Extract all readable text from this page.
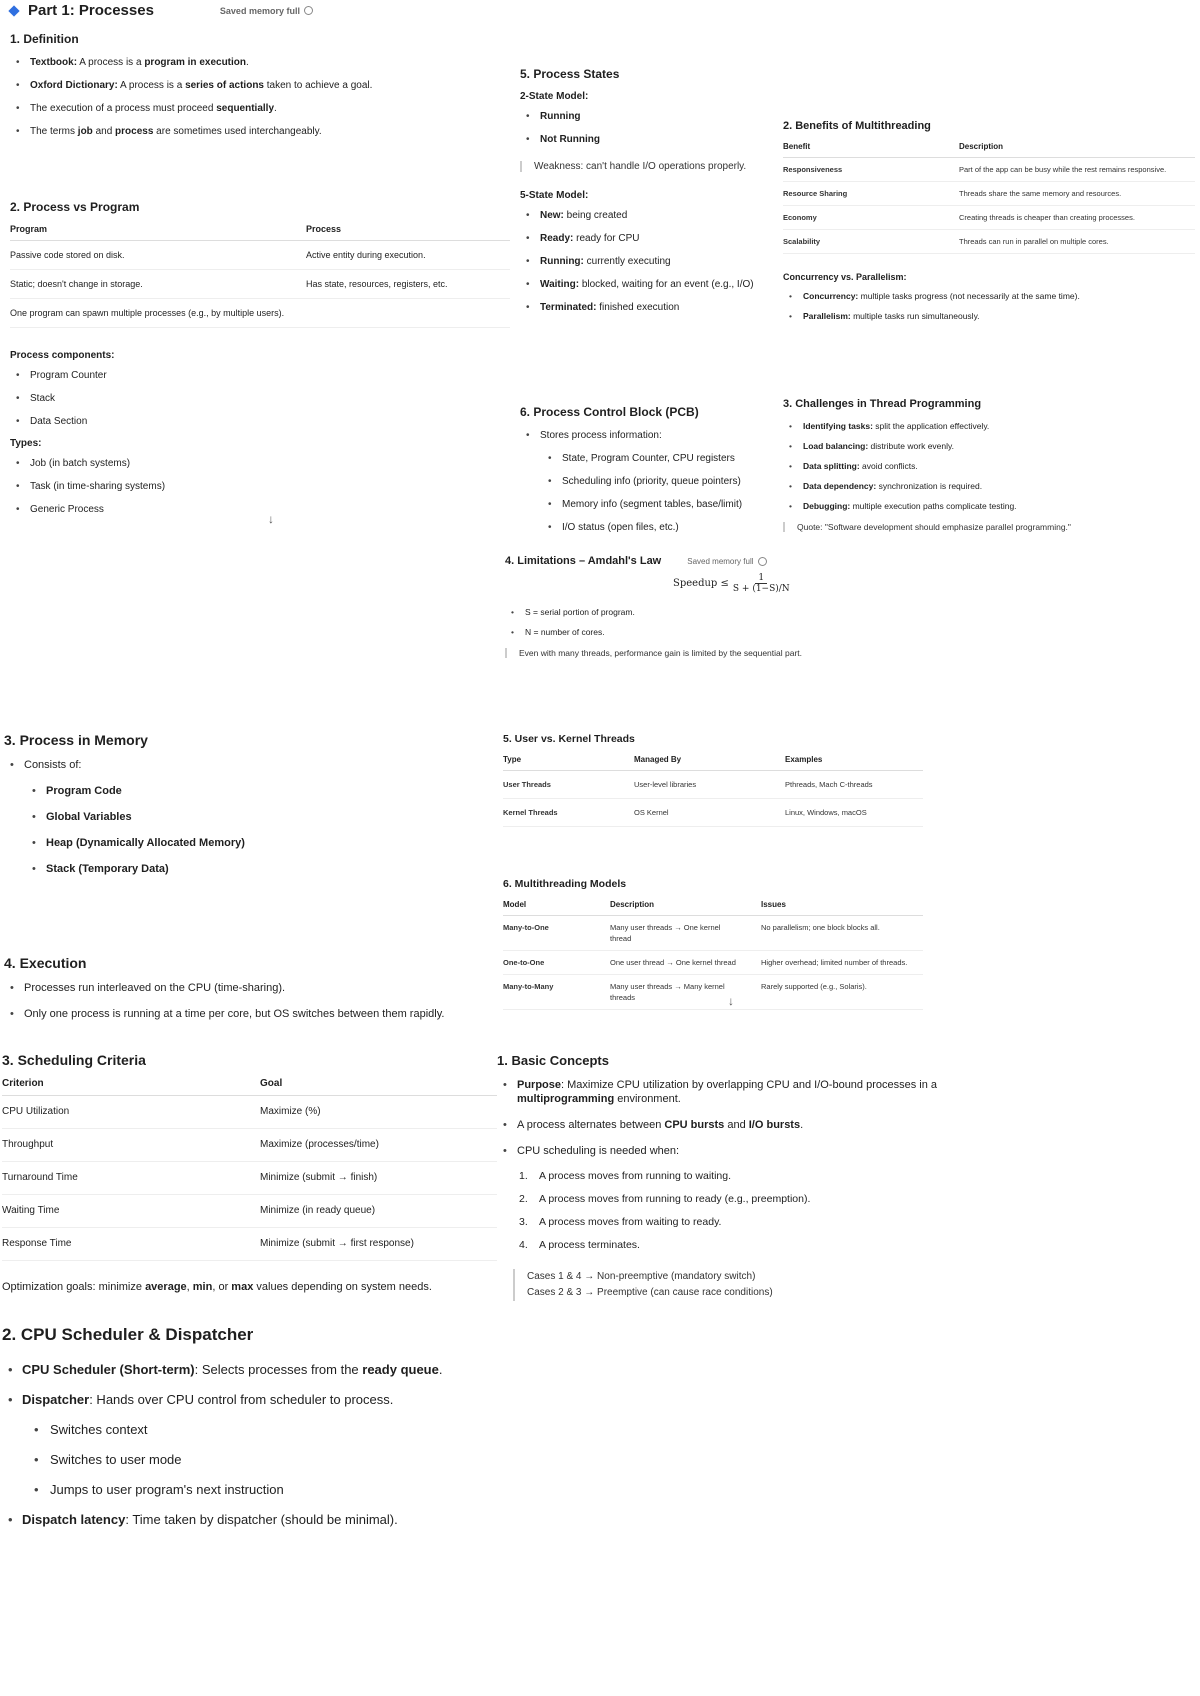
Part 1: Processes	Saved memory full
1. Definition
• Textbook: A process is a program in execution.
• Oxford Dictionary: A process is a series of actions taken to achieve a goal.
• The execution of a process must proceed sequentially.
• The terms job and process are sometimes used interchangeably.
2. Process vs Program
Program	Process
Passive code stored on disk.	Active entity during execution.
Static; doesn't change in storage.	Has state, resources, registers, etc.
One program can spawn multiple processes (e.g., by multiple users).	
Process components:
• Program Counter
• Stack
• Data Section
Types:
• Job (in batch systems)
• Task (in time-sharing systems)
• Generic Process
↓
5. Process States
2-State Model:
• Running
• Not Running
Weakness: can't handle I/O operations properly.
5-State Model:
• New: being created
• Ready: ready for CPU
• Running: currently executing
• Waiting: blocked, waiting for an event (e.g., I/O)
• Terminated: finished execution
6. Process Control Block (PCB)
• Stores process information:
• State, Program Counter, CPU registers
• Scheduling info (priority, queue pointers)
• Memory info (segment tables, base/limit)
• I/O status (open files, etc.)
2. Benefits of Multithreading
Benefit	Description
Responsiveness	Part of the app can be busy while the rest remains responsive.
Resource Sharing	Threads share the same memory and resources.
Economy	Creating threads is cheaper than creating processes.
Scalability	Threads can run in parallel on multiple cores.
Concurrency vs. Parallelism:
• Concurrency: multiple tasks progress (not necessarily at the same time).
• Parallelism: multiple tasks run simultaneously.
3. Challenges in Thread Programming
• Identifying tasks: split the application effectively.
• Load balancing: distribute work evenly.
• Data splitting: avoid conflicts.
• Data dependency: synchronization is required.
• Debugging: multiple execution paths complicate testing.
Quote: "Software development should emphasize parallel programming."
4. Limitations – Amdahl's Law	Saved memory full
Speedup ≤ $\frac{1}{S + (1-S)/N}$
• S = serial portion of program.
• N = number of cores.
Even with many threads, performance gain is limited by the sequential part.
3. Process in Memory
• Consists of:
• Program Code
• Global Variables
• Heap (Dynamically Allocated Memory)
• Stack (Temporary Data)
4. Execution
• Processes run interleaved on the CPU (time-sharing).
• Only one process is running at a time per core, but OS switches between them rapidly.
5. User vs. Kernel Threads
Type	Managed By	Examples
User Threads	User-level libraries	Pthreads, Mach C-threads
Kernel Threads	OS Kernel	Linux, Windows, macOS
6. Multithreading Models
Model	Description	Issues
Many-to-One	Many user threads → One kernel thread	No parallelism; one block blocks all.
One-to-One	One user thread → One kernel thread	Higher overhead; limited number of threads.
Many-to-Many	Many user threads → Many kernel threads	Rarely supported (e.g., Solaris).
↓
3. Scheduling Criteria
Criterion	Goal
CPU Utilization	Maximize (%)
Throughput	Maximize (processes/time)
Turnaround Time	Minimize (submit → finish)
Waiting Time	Minimize (in ready queue)
Response Time	Minimize (submit → first response)
Optimization goals: minimize average, min, or max values depending on system needs.
1. Basic Concepts
• Purpose: Maximize CPU utilization by overlapping CPU and I/O-bound processes in a multiprogramming environment.
• A process alternates between CPU bursts and I/O bursts.
• CPU scheduling is needed when:
1. A process moves from running to waiting.
2. A process moves from running to ready (e.g., preemption).
3. A process moves from waiting to ready.
4. A process terminates.
Cases 1 & 4 → Non-preemptive (mandatory switch)
Cases 2 & 3 → Preemptive (can cause race conditions)
2. CPU Scheduler & Dispatcher
• CPU Scheduler (Short-term): Selects processes from the ready queue.
• Dispatcher: Hands over CPU control from scheduler to process.
• Switches context
• Switches to user mode
• Jumps to user program's next instruction
• Dispatch latency: Time taken by dispatcher (should be minimal).
